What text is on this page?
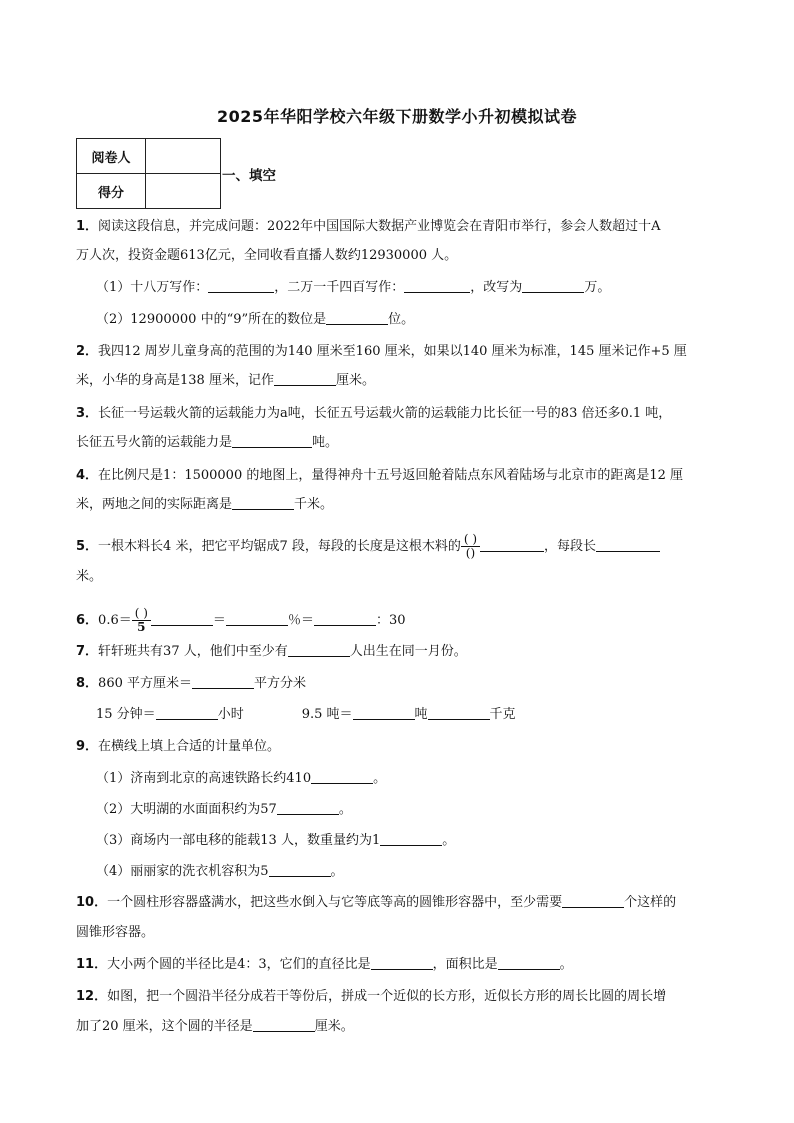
2025年华阳学校六年级下册数学小升初模拟试卷
阅卷人	
得分	
一、填空
1．阅读这段信息，并完成问题：2022年中国国际大数据产业博览会在青阳市举行，参会人数超过十A
万人次，投资金题613亿元，全同收看直播人数约12930000 人。
（1）十八万写作：	，二万一千四百写作：	，改写为	万。
（2）12900000 中的“9”所在的数位是	位。
2．我四12 周岁儿童身高的范围的为140 厘米至160 厘米，如果以140 厘米为标准，145 厘米记作+5 厘
米，小华的身高是138 厘米，记作	厘米。
3．长征一号运载火箭的运载能力为a吨，长征五号运载火箭的运载能力比长征一号的83 倍还多0.1 吨，
长征五号火箭的运载能力是	吨。
4．在比例尺是1：1500000 的地图上，量得神舟十五号返回舱着陆点东风着陆场与北京市的距离是12 厘
米，两地之间的实际距离是	千米。
5．一根木料长4 米，把它平均锯成7 段，每段的长度是这根木料的 $\frac{( )}{()}$	，每段长
米。
6．$0.6= \frac{( )}{5}$	＝	％＝	：30
7．轩轩班共有37 人，他们中至少有	人出生在同一月份。
8．860 平方厘米＝	平方分米
15 分钟＝	小时	9.5 吨＝	吨	千克
9．在横线上填上合适的计量单位。
（1）济南到北京的高速铁路长约410	。
（2）大明湖的水面面积约为57	。
（3）商场内一部电移的能载13 人，数重量约为1	。
（4）丽丽家的洗衣机容积为5	。
10．一个圆柱形容器盛满水，把这些水倒入与它等底等高的圆锥形容器中，至少需要	个这样的
圆锥形容器。
11．大小两个圆的半径比是4：3，它们的直径比是	，面积比是	。
12．如图，把一个圆沿半径分成若干等份后，拼成一个近似的长方形，近似长方形的周长比圆的周长增
加了20 厘米，这个圆的半径是	厘米。
